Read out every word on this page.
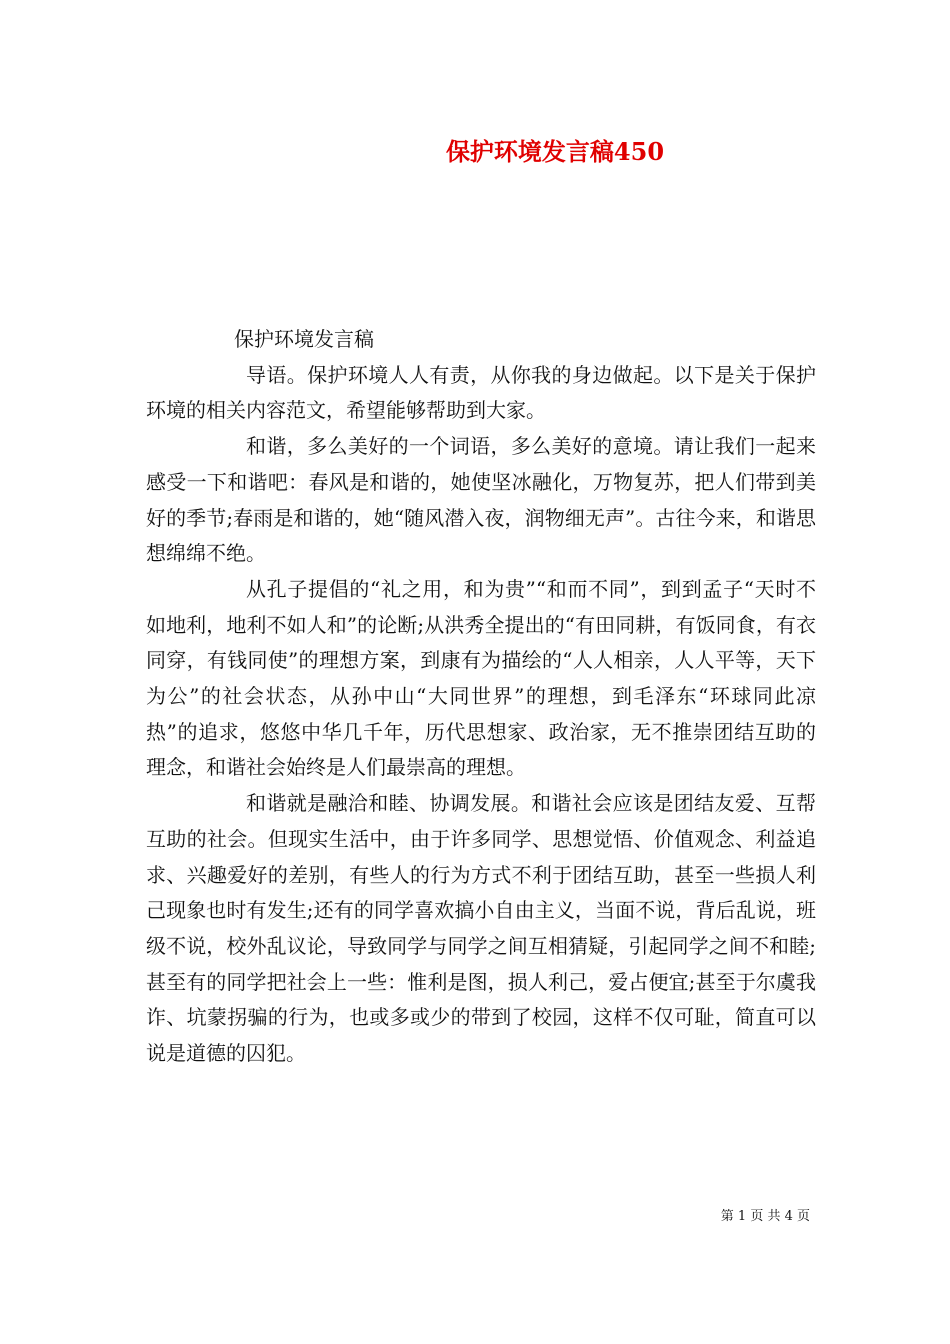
保护环境发言稿450

保护环境发言稿

导语。保护环境人人有责，从你我的身边做起。以下是关于保护环境的相关内容范文，希望能够帮助到大家。

和谐，多么美好的一个词语，多么美好的意境。请让我们一起来感受一下和谐吧：春风是和谐的，她使坚冰融化，万物复苏，把人们带到美好的季节;春雨是和谐的，她“随风潜入夜，润物细无声”。古往今来，和谐思想绵绵不绝。

从孔子提倡的“礼之用，和为贵”“和而不同”，到到孟子“天时不如地利，地利不如人和”的论断;从洪秀全提出的“有田同耕，有饭同食，有衣同穿，有钱同使”的理想方案，到康有为描绘的“人人相亲，人人平等，天下为公”的社会状态，从孙中山“大同世界”的理想，到毛泽东“环球同此凉热”的追求，悠悠中华几千年，历代思想家、政治家，无不推崇团结互助的理念，和谐社会始终是人们最崇高的理想。

和谐就是融洽和睦、协调发展。和谐社会应该是团结友爱、互帮互助的社会。但现实生活中，由于许多同学、思想觉悟、价值观念、利益追求、兴趣爱好的差别，有些人的行为方式不利于团结互助，甚至一些损人利己现象也时有发生;还有的同学喜欢搞小自由主义，当面不说，背后乱说，班级不说，校外乱议论，导致同学与同学之间互相猜疑，引起同学之间不和睦;甚至有的同学把社会上一些：惟利是图，损人利己，爱占便宜;甚至于尔虞我诈、坑蒙拐骗的行为，也或多或少的带到了校园，这样不仅可耻，简直可以说是道德的囚犯。

第 1 页 共 4 页
